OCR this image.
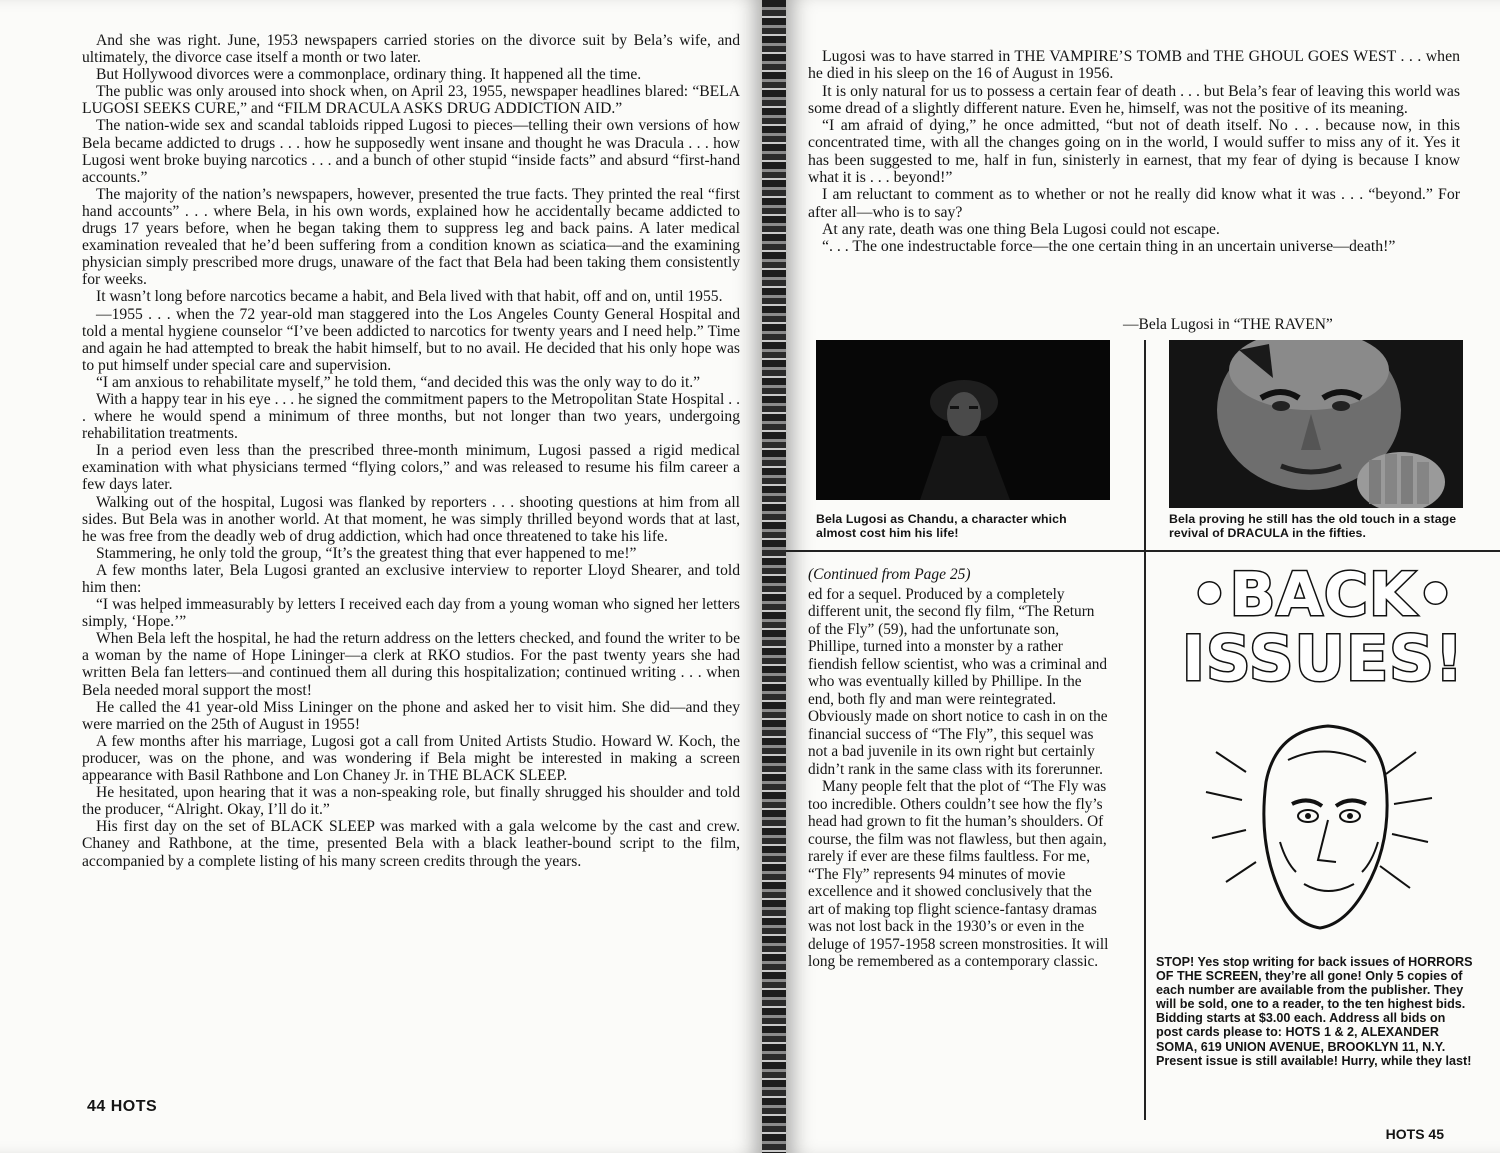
And she was right. June, 1953 newspapers carried stories on the divorce suit by Bela’s wife, and ultimately, the divorce case itself a month or two later.

But Hollywood divorces were a commonplace, ordinary thing. It happened all the time.

The public was only aroused into shock when, on April 23, 1955, newspaper headlines blared: “BELA LUGOSI SEEKS CURE,” and “FILM DRACULA ASKS DRUG ADDICTION AID.”

The nation-wide sex and scandal tabloids ripped Lugosi to pieces—telling their own versions of how Bela became addicted to drugs . . . how he supposedly went insane and thought he was Dracula . . . how Lugosi went broke buying narcotics . . . and a bunch of other stupid “inside facts” and absurd “first-hand accounts.”

The majority of the nation’s newspapers, however, presented the true facts. They printed the real “first hand accounts” . . . where Bela, in his own words, explained how he accidentally became addicted to drugs 17 years before, when he began taking them to suppress leg and back pains. A later medical examination revealed that he’d been suffering from a condition known as sciatica—and the examining physician simply prescribed more drugs, unaware of the fact that Bela had been taking them consistently for weeks.

It wasn’t long before narcotics became a habit, and Bela lived with that habit, off and on, until 1955.

—1955 . . . when the 72 year-old man staggered into the Los Angeles County General Hospital and told a mental hygiene counselor “I’ve been addicted to narcotics for twenty years and I need help.” Time and again he had attempted to break the habit himself, but to no avail. He decided that his only hope was to put himself under special care and supervision.

“I am anxious to rehabilitate myself,” he told them, “and decided this was the only way to do it.”

With a happy tear in his eye . . . he signed the commitment papers to the Metropolitan State Hospital . . . where he would spend a minimum of three months, but not longer than two years, undergoing rehabilitation treatments.

In a period even less than the prescribed three-month minimum, Lugosi passed a rigid medical examination with what physicians termed “flying colors,” and was released to resume his film career a few days later.

Walking out of the hospital, Lugosi was flanked by reporters . . . shooting questions at him from all sides. But Bela was in another world. At that moment, he was simply thrilled beyond words that at last, he was free from the deadly web of drug addiction, which had once threatened to take his life.

Stammering, he only told the group, “It’s the greatest thing that ever happened to me!”

A few months later, Bela Lugosi granted an exclusive interview to reporter Lloyd Shearer, and told him then:

“I was helped immeasurably by letters I received each day from a young woman who signed her letters simply, ‘Hope.’”

When Bela left the hospital, he had the return address on the letters checked, and found the writer to be a woman by the name of Hope Lininger—a clerk at RKO studios. For the past twenty years she had written Bela fan letters—and continued them all during this hospitalization; continued writing . . . when Bela needed moral support the most!

He called the 41 year-old Miss Lininger on the phone and asked her to visit him. She did—and they were married on the 25th of August in 1955!

A few months after his marriage, Lugosi got a call from United Artists Studio. Howard W. Koch, the producer, was on the phone, and was wondering if Bela might be interested in making a screen appearance with Basil Rathbone and Lon Chaney Jr. in THE BLACK SLEEP.

He hesitated, upon hearing that it was a non-speaking role, but finally shrugged his shoulder and told the producer, “Alright. Okay, I’ll do it.”

His first day on the set of BLACK SLEEP was marked with a gala welcome by the cast and crew. Chaney and Rathbone, at the time, presented Bela with a black leather-bound script to the film, accompanied by a complete listing of his many screen credits through the years.

44 HOTS

Lugosi was to have starred in THE VAMPIRE’S TOMB and THE GHOUL GOES WEST . . . when he died in his sleep on the 16 of August in 1956.

It is only natural for us to possess a certain fear of death . . . but Bela’s fear of leaving this world was some dread of a slightly different nature. Even he, himself, was not the positive of its meaning.

“I am afraid of dying,” he once admitted, “but not of death itself. No . . . because now, in this concentrated time, with all the changes going on in the world, I would suffer to miss any of it. Yes it has been suggested to me, half in fun, sinisterly in earnest, that my fear of dying is because I know what it is . . . beyond!”

I am reluctant to comment as to whether or not he really did know what it was . . . “beyond.” For after all—who is to say?

At any rate, death was one thing Bela Lugosi could not escape.

“. . . The one indestructable force—the one certain thing in an uncertain universe—death!”

—Bela Lugosi in “THE RAVEN”
Bela Lugosi as Chandu, a character which almost cost him his life!
Bela proving he still has the old touch in a stage revival of DRACULA in the fifties.

(Continued from Page 25)

ed for a sequel. Produced by a completely different unit, the second fly film, “The Return of the Fly” (59), had the unfortunate son, Phillipe, turned into a monster by a rather fiendish fellow scientist, who was a criminal and who was eventually killed by Phillipe. In the end, both fly and man were reintegrated. Obviously made on short notice to cash in on the financial success of “The Fly”, this sequel was not a bad juvenile in its own right but certainly didn’t rank in the same class with its forerunner.

Many people felt that the plot of “The Fly was too incredible. Others couldn’t see how the fly’s head had grown to fit the human’s shoulders. Of course, the film was not flawless, but then again, rarely if ever are these films faultless. For me, “The Fly” represents 94 minutes of movie excellence and it showed conclusively that the art of making top flight science-fantasy dramas was not lost back in the 1930’s or even in the deluge of 1957-1958 screen monstrosities. It will long be remembered as a contemporary classic.

•BACK•
ISSUES!
STOP! Yes stop writing for back issues of HORRORS OF THE SCREEN, they’re all gone! Only 5 copies of each number are available from the publisher. They will be sold, one to a reader, to the ten highest bids. Bidding starts at $3.00 each. Address all bids on post cards please to: HOTS 1 & 2, ALEXANDER SOMA, 619 UNION AVENUE, BROOKLYN 11, N.Y. Present issue is still available! Hurry, while they last!
HOTS 45
